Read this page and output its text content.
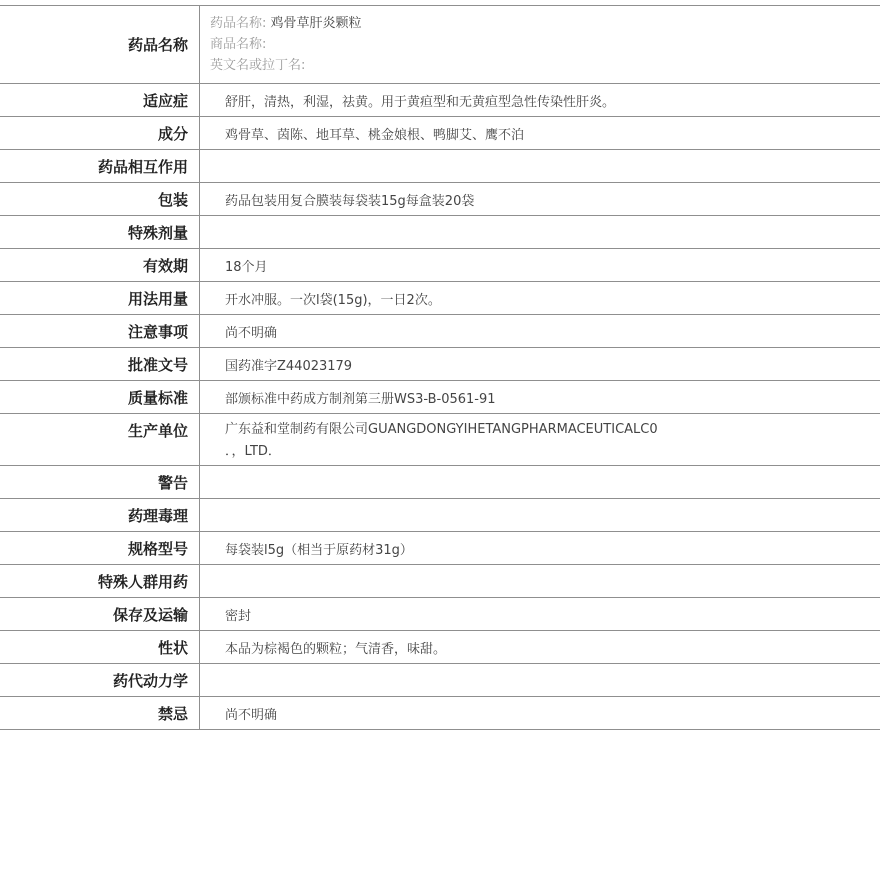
药品名称
药品名称: 鸡骨草肝炎颗粒
商品名称:
英文名或拉丁名:
适应症	舒肝，清热，利湿，祛黄。用于黄疸型和无黄疸型急性传染性肝炎。
成分	鸡骨草、茵陈、地耳草、桃金娘根、鸭脚艾、鹰不泊
药品相互作用
包装	药品包装用复合膜装每袋装15g每盒装20袋
特殊剂量
有效期	18个月
用法用量	开水冲服。一次l袋(15g)，一日2次。
注意事项	尚不明确
批准文号	国药准字Z44023179
质量标准	部颁标准中药成方制剂第三册WS3-B-0561-91
生产单位	广东益和堂制药有限公司GUANGDONGYIHETANGPHARMACEUTICALC0
．，LTD．
警告
药理毒理
规格型号	每袋装l5g（相当于原药材31g）
特殊人群用药
保存及运输	密封
性状	本品为棕褐色的颗粒；气清香，味甜。
药代动力学
禁忌	尚不明确
